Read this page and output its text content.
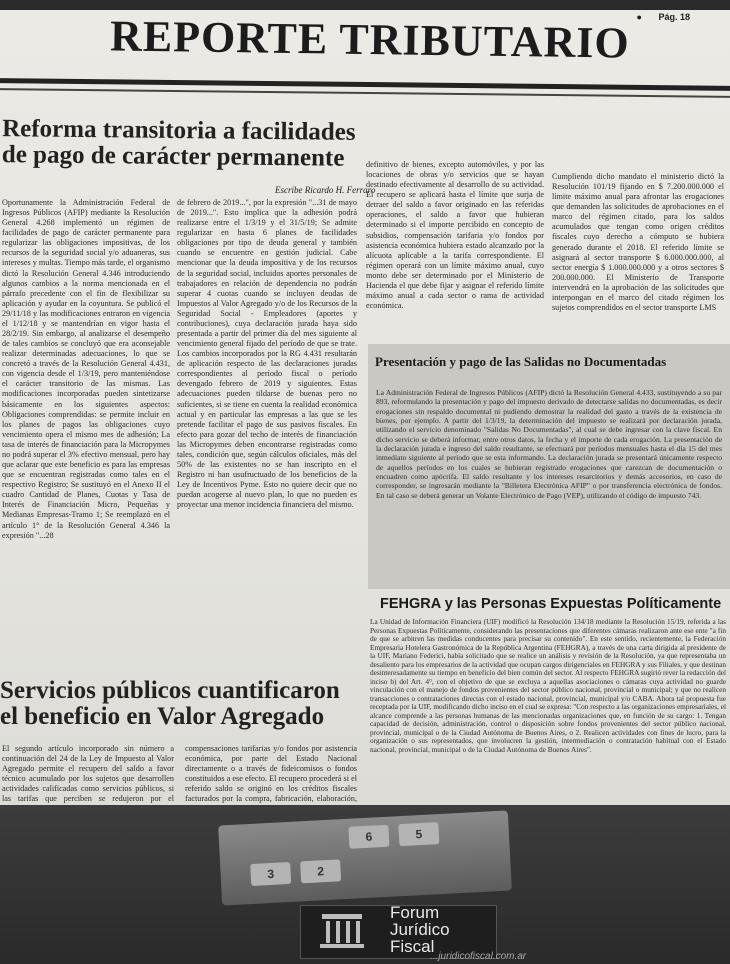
● Pág. 18
REPORTE TRIBUTARIO
Reforma transitoria a facilidades
de pago de carácter permanente
Escribe Ricardo H. Ferraro

Oportunamente la Administración Federal de Ingresos Públicos (AFIP) mediante la Resolución General 4.268 implementó un régimen de facilidades de pago de carácter permanente para regularizar las obligaciones impositivas, de los recursos de la seguridad social y/o aduaneras, sus intereses y multas. Tiempo más tarde, el organismo dictó la Resolución General 4.346 introduciendo algunos cambios a la norma mencionada en el párrafo precedente con el fin de flexibilizar su aplicación y ayudar en la coyuntura. Se publicó el 29/11/18 y las modificaciones entraron en vigencia el 1/12/18 y se mantendrían en vigor hasta el 28/2/19. Sin embargo, al analizarse el desempeño de tales cambios se concluyó que era aconsejable realizar determinadas adecuaciones, lo que se concretó a través de la Resolución General 4.431, con vigencia desde el 1/3/19, pero manteniéndose el carácter transitorio de las mismas. Las modificaciones incorporadas pueden sintetizarse básicamente en los siguientes aspectos: Obligaciones comprendidas: se permite incluir en los planes de pagos las obligaciones cuyo vencimiento opera el mismo mes de adhesión; La tasa de interés de financiación para la Micropymes no podrá superar el 3% efectivo mensual, pero hay que aclarar que este beneficio es para las empresas que se encuentran registradas como tales en el respectivo Registro; Se sustituyó en el Anexo II el cuadro Cantidad de Planes, Cuotas y Tasa de Interés de Financiación Micro, Pequeñas y Medianas Empresas-Tramo 1; Se reemplazó en el artículo 1° de la Resolución General 4.346 la expresión "...28

de febrero de 2019...", por la expresión "...31 de mayo de 2019...". Esto implica que la adhesión podrá realizarse entre el 1/3/19 y el 31/5/19; Se admite regularizar en hasta 6 planes de facilidades obligaciones por tipo de deuda general y también cuando se encuentre en gestión judicial. Cabe mencionar que la deuda impositiva y de los recursos de la seguridad social, incluidos aportes personales de trabajadores en relación de dependencia no podrán superar 4 cuotas cuando se incluyen deudas de Impuestos al Valor Agregado y/o de los Recursos de la Seguridad Social - Empleadores (aportes y contribuciones), cuya declaración jurada haya sido presentada a partir del primer día del mes siguiente al vencimiento general fijado del período de que se trate. Los cambios incorporados por la RG 4.431 resultarán de aplicación respecto de las declaraciones juradas correspondientes al período fiscal o período devengado febrero de 2019 y siguientes. Estas adecuaciones pueden tildarse de buenas pero no suficientes, si se tiene en cuenta la realidad económica actual y en particular las empresas a las que se les pretende facilitar el pago de sus pasivos fiscales. En efecto para gozar del techo de interés de financiación las Micropymes deben encontrarse registradas como tales, condición que, según cálculos oficiales, más del 50% de las existentes no se han inscripto en el Registro ni han usufructuado de los beneficios de la Ley de Incentivos Pyme. Esto no quiere decir que no puedan acogerse al nuevo plan, lo que no pueden es proyectar una menor incidencia financiera del mismo.

definitivo de bienes, excepto automóviles, y por las locaciones de obras y/o servicios que se hayan destinado efectivamente al desarrollo de su actividad. El recupero se aplicará hasta el límite que surja de detraer del saldo a favor originado en las referidas operaciones, el saldo a favor que hubieran determinado si el importe percibido en concepto de subsidios, compensación tarifaria y/o fondos por asistencia económica hubiera estado alcanzado por la alícuota aplicable a la tarifa correspondiente. El régimen operará con un límite máximo anual, cuyo monto debe ser determinado por el Ministerio de Hacienda el que debe fijar y asignar el referido límite máximo anual a cada sector o rama de actividad económica.

Cumpliendo dicho mandato el ministerio dictó la Resolución 101/19 fijando en $ 7.200.000.000 el límite máximo anual para afrontar las erogaciones que demanden las solicitudes de aprobaciones en el marco del régimen citado, para los saldos acumulados que tengan como origen créditos fiscales cuyo derecho a cómputo se hubiera generado durante el 2018. El referido límite se asignará al sector transporte $ 6.000.000.000, al sector energía $ 1.000.000.000 y a otros sectores $ 200.000.000. El Ministerio de Transporte intervendrá en la aprobación de las solicitudes que interpongan en el marco del citado régimen los sujetos comprendidos en el sector transporte LMS

Presentación y pago de las Salidas no Documentadas

La Administración Federal de Ingresos Públicos (AFIP) dictó la Resolución General 4.433, sustituyendo a su par 893, reformulando la presentación y pago del impuesto derivado de detectarse salidas no documentadas, es decir erogaciones sin respaldo documental ni pudiendo demostrar la realidad del gasto a través de la existencia de bienes, por ejemplo. A partir del 1/3/19, la determinación del impuesto se realizará por declaración jurada, utilizando el servicio denominado "Salidas No Documentadas", al cual se debe ingresar con la clave fiscal. En dicho servicio se deberá informar, entre otros datos, la fecha y el importe de cada erogación. La presentación de la declaración jurada e ingreso del saldo resultante, se efectuará por períodos mensuales hasta el día 15 del mes inmediato siguiente al período que se esta informando. La declaración jurada se presentará únicamente respecto de aquellos períodos en los cuales se hubieran registrado erogaciones que carezcan de documentación o encuadren como apócrifa. El saldo resultante y los intereses resarcitorios y demás accesorios, en caso de corresponder, se ingresarán mediante la "Billetera Electrónica AFIP" o por transferencia electrónica de fondos. En tal caso se deberá generar un Volante Electrónico de Pago (VEP), utilizando el código de impuesto 743.

FEHGRA y las Personas Expuestas Políticamente

La Unidad de Información Financiera (UIF) modificó la Resolución 134/18 mediante la Resolución 15/19, referida a las Personas Expuestas Políticamente, considerando las presentaciones que diferentes cámaras realizaron ante ese ente "a fin de que se arbitren las medidas conducentes para precisar su contenido". En este sentido, recientemente, la Federación Empresaria Hotelera Gastronómica de la República Argentina (FEHGRA), a través de una carta dirigida al presidente de la UIF, Mariano Federici, había solicitado que se realice un análisis y revisión de la Resolución, ya que representaba un desaliento para los empresarios de la actividad que ocupan cargos dirigenciales en FEHGRA y sus Filiales, y que destinan desinteresadamente su tiempo en beneficio del bien común del sector. Al respecto FEHGRA sugirió rever la redacción del inciso b) del Art. 4°, con el objetivo de que se excluya a aquellas asociaciones o cámaras cuya actividad no guarde vinculación con el manejo de fondos provenientes del sector público nacional, provincial o municipal; y que no realicen transacciones o contrataciones directas con el estado nacional, provincial, municipal y/o CABA. Ahora tal propuesta fue receptada por la UIF, modificando dicho inciso en el cual se expresa: "Con respecto a las organizaciones empresariales, el alcance comprende a las personas humanas de las mencionadas organizaciones que, en función de su cargo: 1. Tengan capacidad de decisión, administración, control o disposición sobre fondos provenientes del sector público nacional, provincial, municipal o de la Ciudad Autónoma de Buenos Aires, o 2. Realicen actividades con fines de lucro, para la organización o sus representados, que involucren la gestión, intermediación o contratación habitual con el Estado nacional, provincial, municipal o de la Ciudad Autónoma de Buenos Aires".

Servicios públicos cuantificaron
el beneficio en Valor Agregado

El segundo artículo incorporado sin número a continuación del 24 de la Ley de Impuesto al Valor Agregado permite el recupero del saldo a favor técnico acumulado por los sujetos que desarrollen actividades calificadas como servicios públicos, si las tarifas que perciben se redujeron por el

compensaciones tarifarias y/o fondos por asistencia económica, por parte del Estado Nacional directamente o a través de fideicomisos o fondos constituidos a ese efecto. El recupero procederá si el referido saldo se originó en los créditos fiscales facturados por la compra, fabricación, elaboración,

3	2
6	5
Forum
Jurídico
Fiscal
...juridicofiscal.com.ar
